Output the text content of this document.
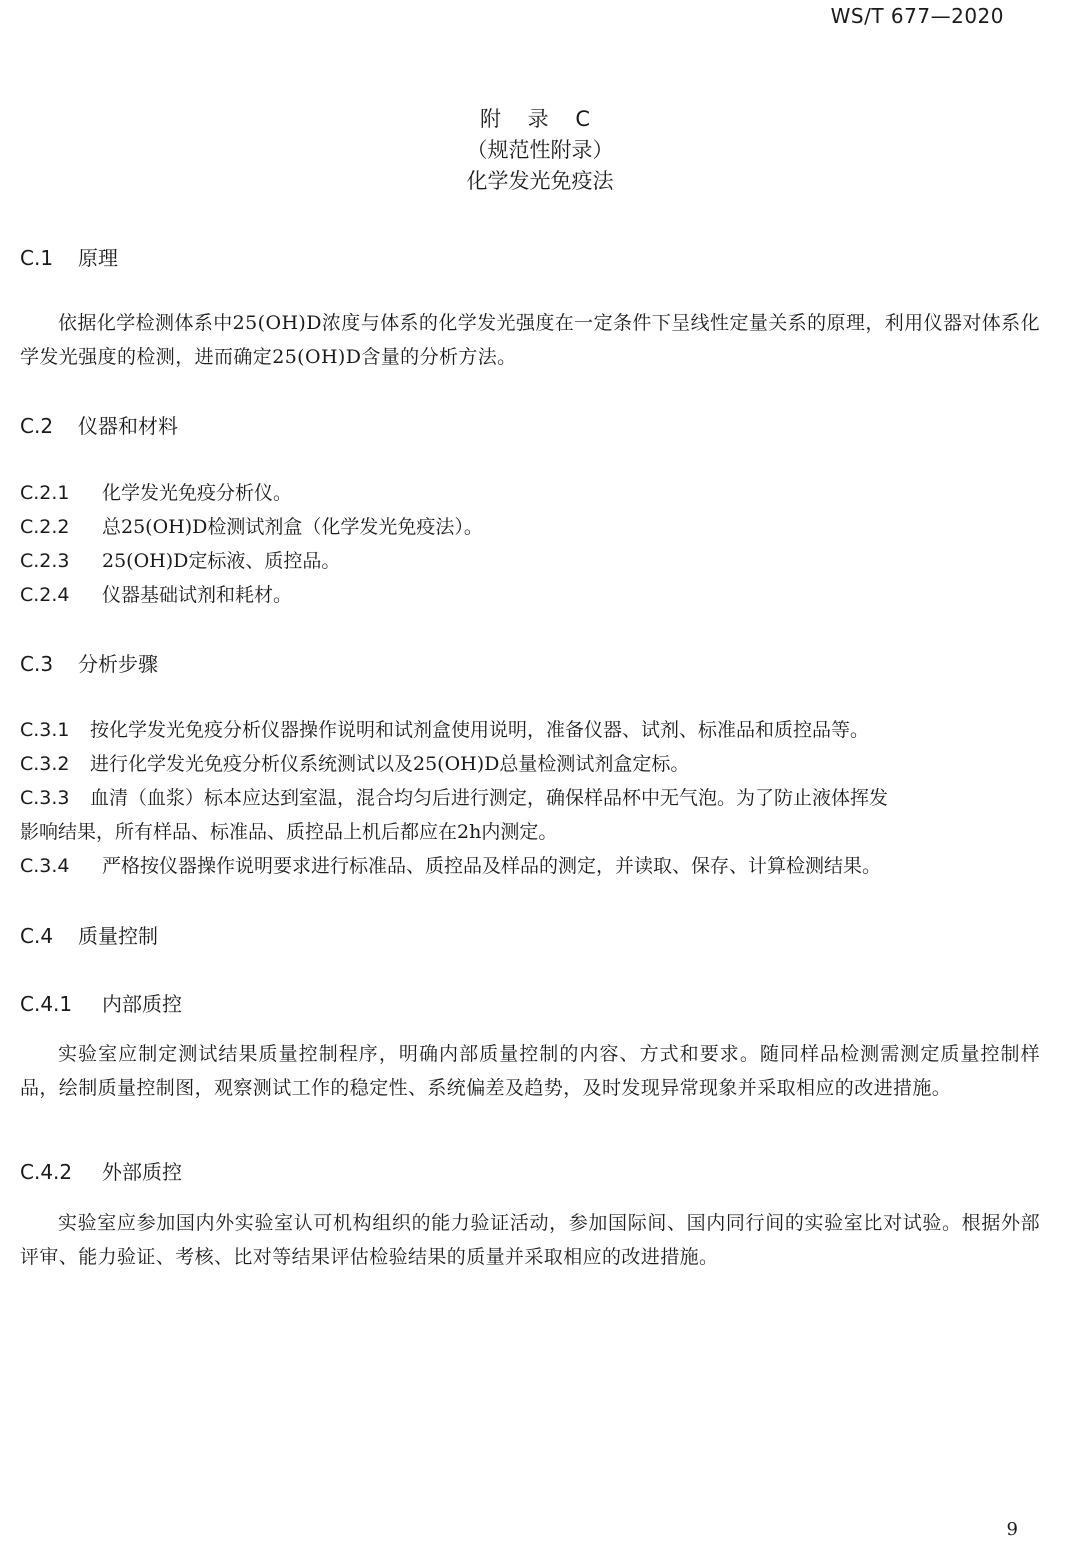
WS/T 677—2020
附 录 C
（规范性附录）
化学发光免疫法
C.1 原理
依据化学检测体系中25(OH)D浓度与体系的化学发光强度在一定条件下呈线性定量关系的原理，利用仪器对体系化学发光强度的检测，进而确定25(OH)D含量的分析方法。
C.2 仪器和材料
C.2.1 化学发光免疫分析仪。
C.2.2 总25(OH)D检测试剂盒（化学发光免疫法）。
C.2.3 25(OH)D定标液、质控品。
C.2.4 仪器基础试剂和耗材。
C.3 分析步骤
C.3.1 按化学发光免疫分析仪器操作说明和试剂盒使用说明，准备仪器、试剂、标准品和质控品等。
C.3.2 进行化学发光免疫分析仪系统测试以及25(OH)D总量检测试剂盒定标。
C.3.3 血清（血浆）标本应达到室温，混合均匀后进行测定，确保样品杯中无气泡。为了防止液体挥发
影响结果，所有样品、标准品、质控品上机后都应在2h内测定。
C.3.4 严格按仪器操作说明要求进行标准品、质控品及样品的测定，并读取、保存、计算检测结果。
C.4 质量控制
C.4.1 内部质控
实验室应制定测试结果质量控制程序，明确内部质量控制的内容、方式和要求。随同样品检测需测定质量控制样品，绘制质量控制图，观察测试工作的稳定性、系统偏差及趋势，及时发现异常现象并采取相应的改进措施。
C.4.2 外部质控
实验室应参加国内外实验室认可机构组织的能力验证活动，参加国际间、国内同行间的实验室比对试验。根据外部评审、能力验证、考核、比对等结果评估检验结果的质量并采取相应的改进措施。
9
